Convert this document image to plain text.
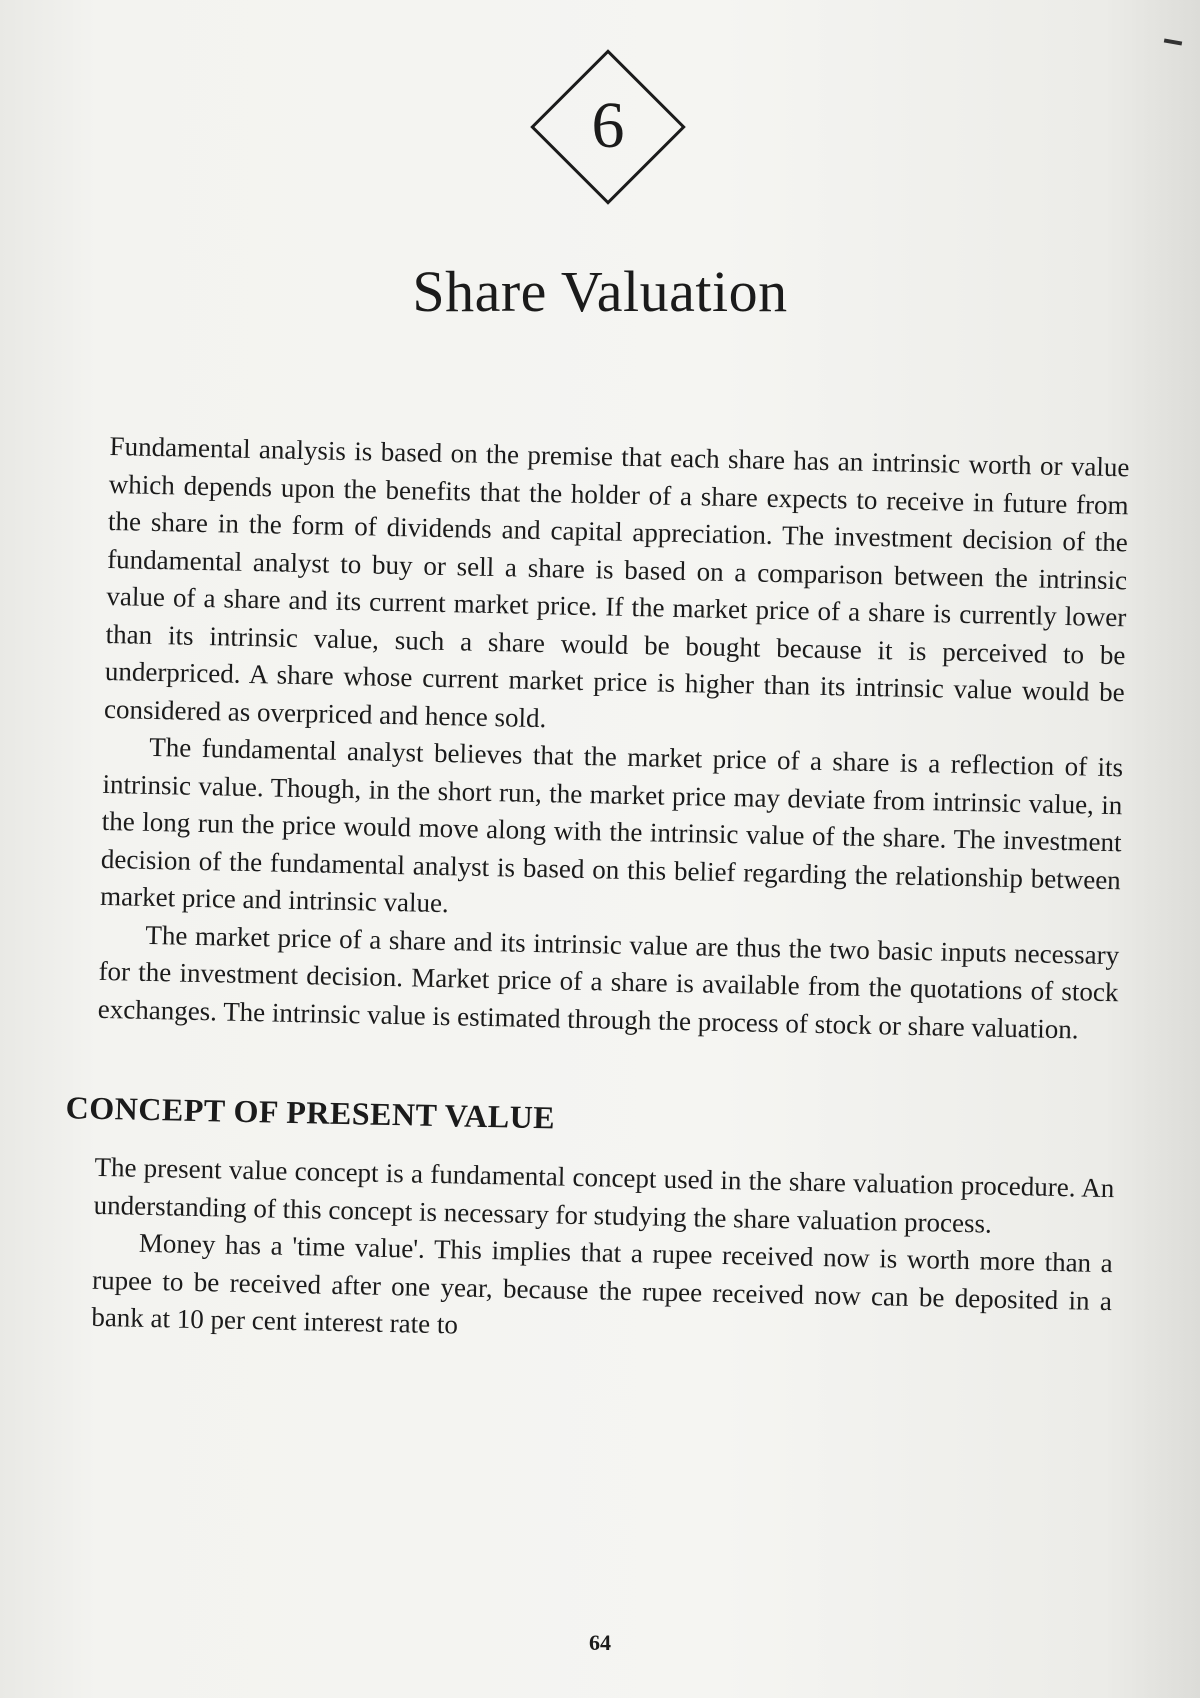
6
Share Valuation

Fundamental analysis is based on the premise that each share has an intrinsic worth or value which depends upon the benefits that the holder of a share expects to receive in future from the share in the form of dividends and capital appreciation. The investment decision of the fundamental analyst to buy or sell a share is based on a comparison between the intrinsic value of a share and its current market price. If the market price of a share is currently lower than its intrinsic value, such a share would be bought because it is perceived to be underpriced. A share whose current market price is higher than its intrinsic value would be considered as overpriced and hence sold.

The fundamental analyst believes that the market price of a share is a reflection of its intrinsic value. Though, in the short run, the market price may deviate from intrinsic value, in the long run the price would move along with the intrinsic value of the share. The investment decision of the fundamental analyst is based on this belief regarding the relationship between market price and intrinsic value.

The market price of a share and its intrinsic value are thus the two basic inputs necessary for the investment decision. Market price of a share is available from the quotations of stock exchanges. The intrinsic value is estimated through the process of stock or share valuation.

CONCEPT OF PRESENT VALUE

The present value concept is a fundamental concept used in the share valuation procedure. An understanding of this concept is necessary for studying the share valuation process.

Money has a 'time value'. This implies that a rupee received now is worth more than a rupee to be received after one year, because the rupee received now can be deposited in a bank at 10 per cent interest rate to

64
